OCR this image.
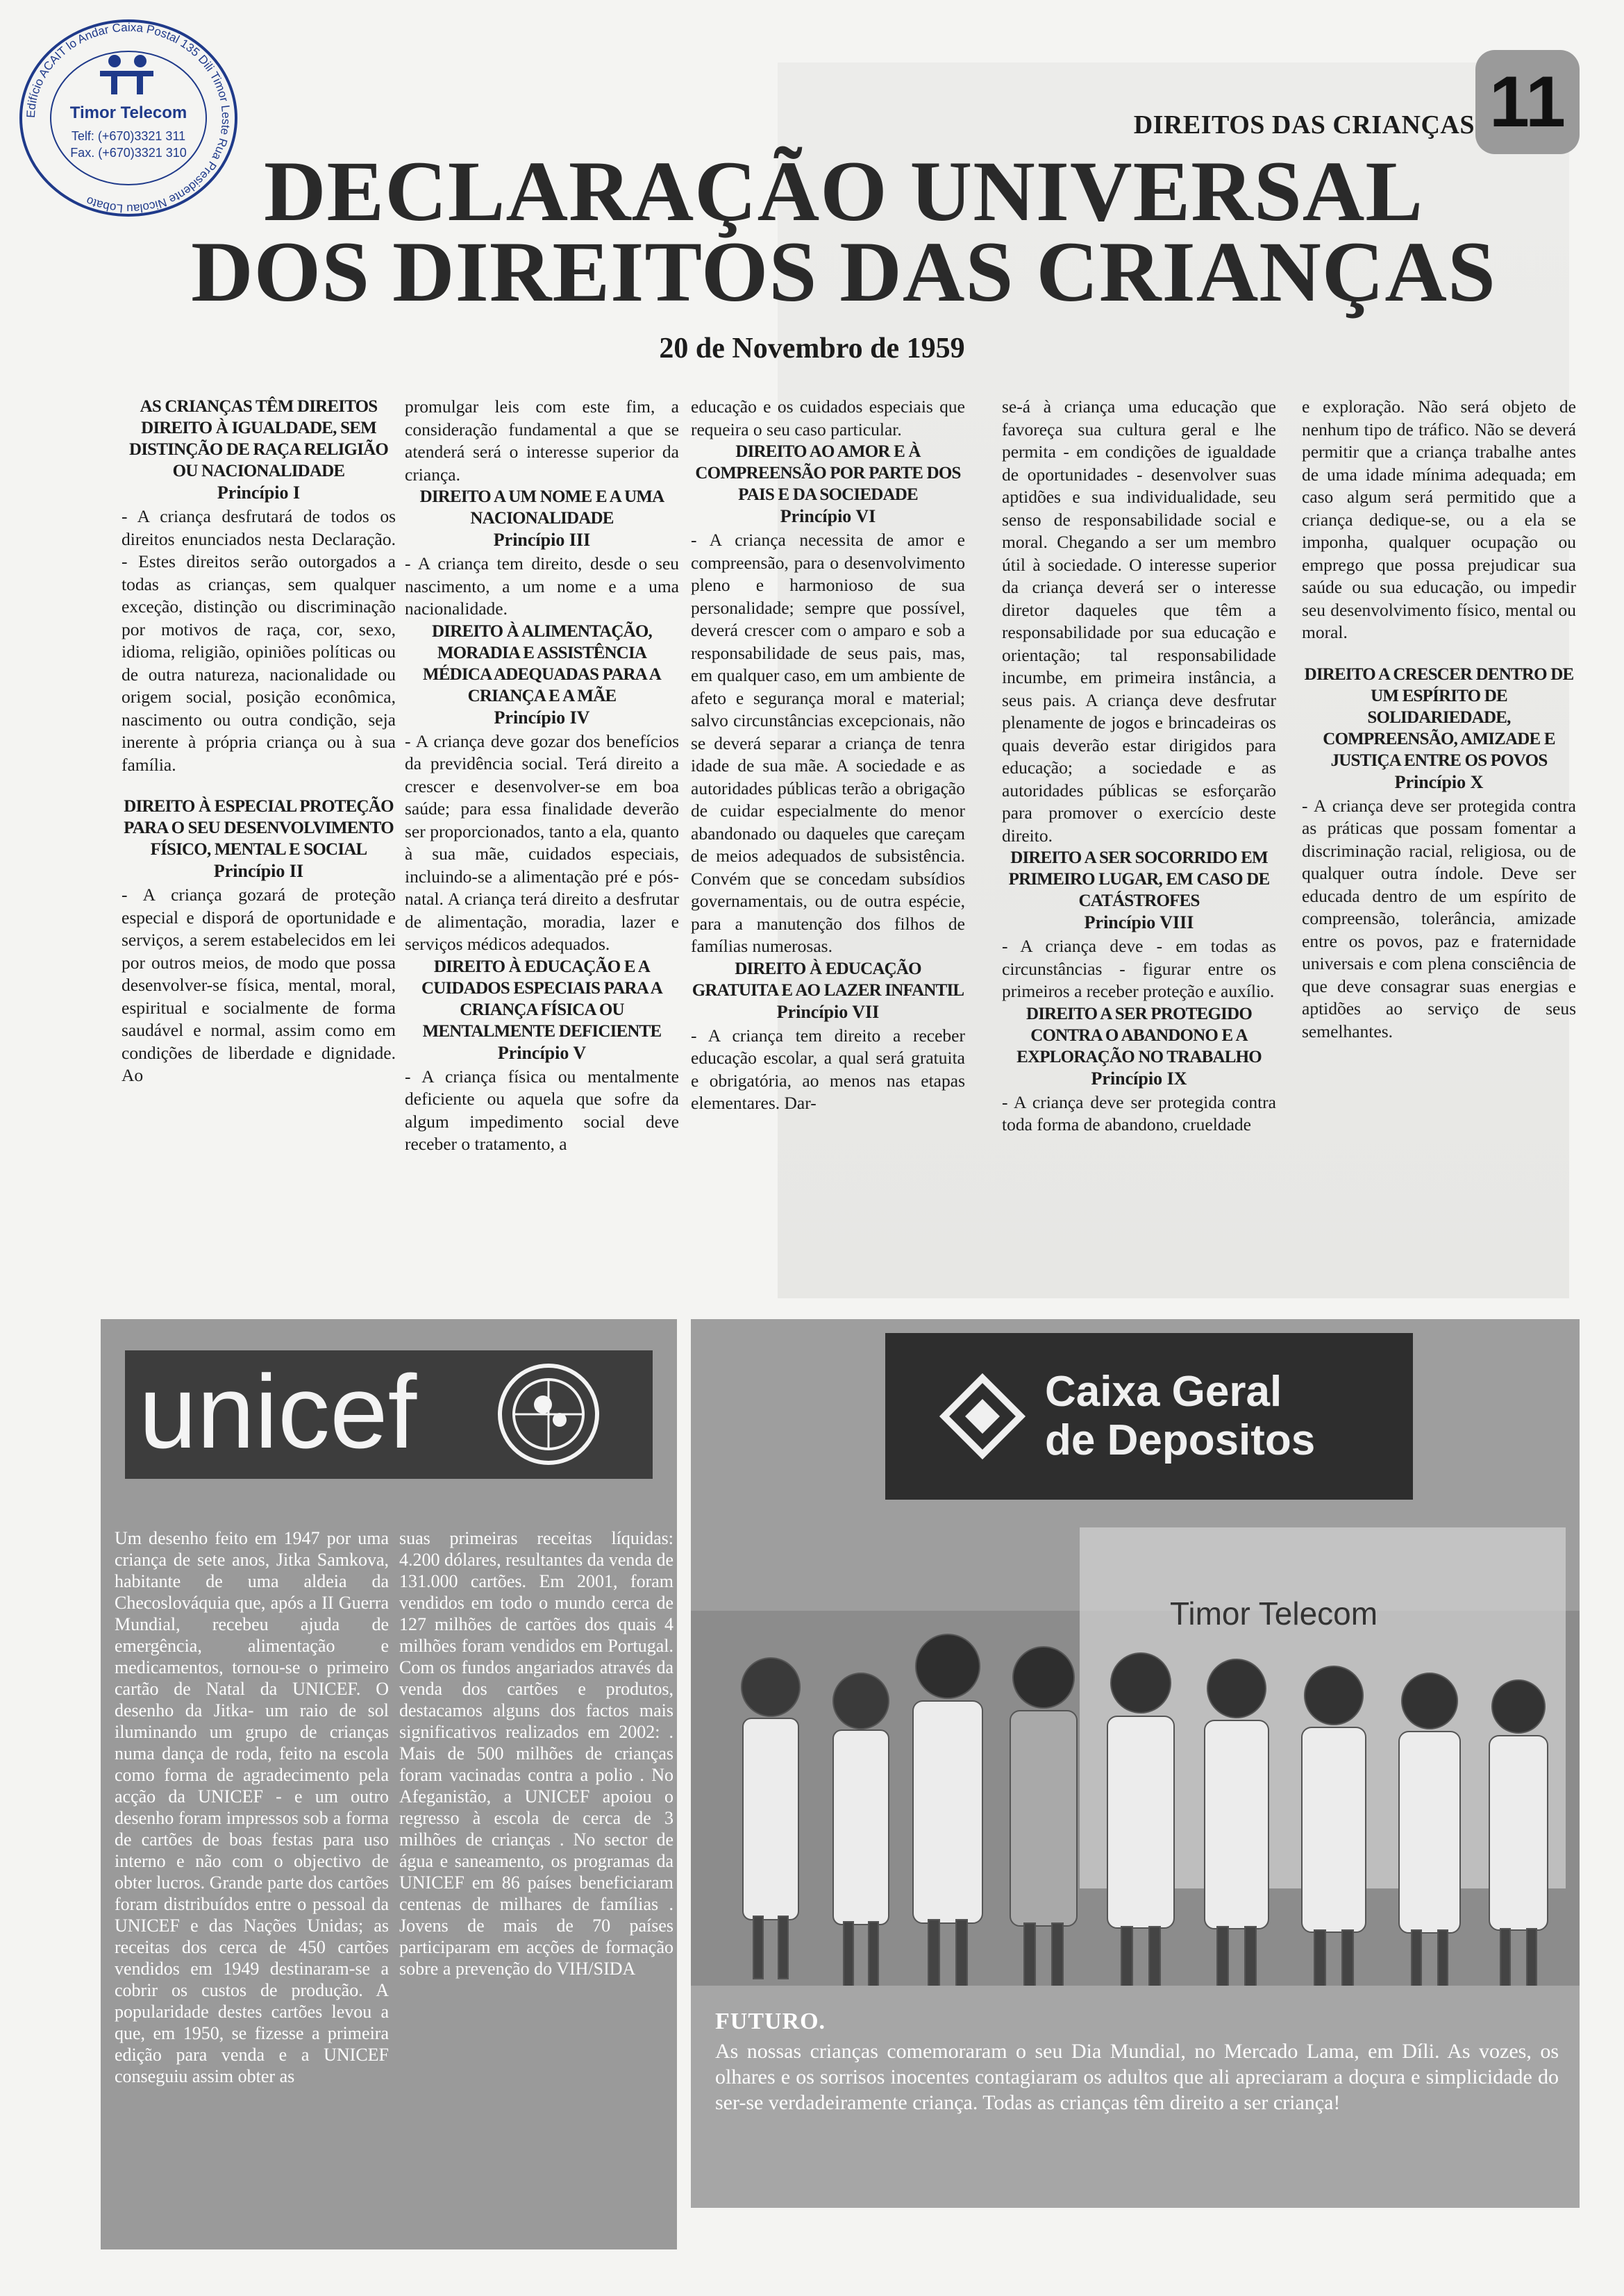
Edifício ACAIT lo Andar Caixa Postal 135 Dili Timor Leste Rua Presidente Nicolau Lobato
Timor Telecom
Telf: (+670)3321 311
Fax. (+670)3321 310
DIREITOS DAS CRIANÇAS 11
DECLARAÇÃO UNIVERSAL
DOS DIREITOS DAS CRIANÇAS
20 de Novembro de 1959
AS CRIANÇAS TÊM DIREITOS DIREITO À IGUALDADE, SEM DISTINÇÃO DE RAÇA RELIGIÃO OU NACIONALIDADE
Princípio I

- A criança desfrutará de todos os direitos enunciados nesta Declaração. - Estes direitos serão outorgados a todas as crianças, sem qualquer exceção, distinção ou discriminação por motivos de raça, cor, sexo, idioma, religião, opiniões políticas ou de outra natureza, nacionalidade ou origem social, posição econômica, nascimento ou outra condição, seja inerente à própria criança ou à sua família.

DIREITO À ESPECIAL PROTEÇÃO PARA O SEU DESENVOLVIMENTO FÍSICO, MENTAL E SOCIAL
Princípio II

- A criança gozará de proteção especial e disporá de oportunidade e serviços, a serem estabelecidos em lei por outros meios, de modo que possa desenvolver-se física, mental, moral, espiritual e socialmente de forma saudável e normal, assim como em condições de liberdade e dignidade. Ao

promulgar leis com este fim, a consideração fundamental a que se atenderá será o interesse superior da criança.

DIREITO A UM NOME E A UMA NACIONALIDADE
Princípio III

- A criança tem direito, desde o seu nascimento, a um nome e a uma nacionalidade.

DIREITO À ALIMENTAÇÃO, MORADIA E ASSISTÊNCIA MÉDICA ADEQUADAS PARA A CRIANÇA E A MÃE
Princípio IV

- A criança deve gozar dos benefícios da previdência social. Terá direito a crescer e desenvolver-se em boa saúde; para essa finalidade deverão ser proporcionados, tanto a ela, quanto à sua mãe, cuidados especiais, incluindo-se a alimentação pré e pós-natal. A criança terá direito a desfrutar de alimentação, moradia, lazer e serviços médicos adequados.

DIREITO À EDUCAÇÃO E A CUIDADOS ESPECIAIS PARA A CRIANÇA FÍSICA OU MENTALMENTE DEFICIENTE
Princípio V

- A criança física ou mentalmente deficiente ou aquela que sofre da algum impedimento social deve receber o tratamento, a

educação e os cuidados especiais que requeira o seu caso particular.

DIREITO AO AMOR E À COMPREENSÃO POR PARTE DOS PAIS E DA SOCIEDADE
Princípio VI

- A criança necessita de amor e compreensão, para o desenvolvimento pleno e harmonioso de sua personalidade; sempre que possível, deverá crescer com o amparo e sob a responsabilidade de seus pais, mas, em qualquer caso, em um ambiente de afeto e segurança moral e material; salvo circunstâncias excepcionais, não se deverá separar a criança de tenra idade de sua mãe. A sociedade e as autoridades públicas terão a obrigação de cuidar especialmente do menor abandonado ou daqueles que careçam de meios adequados de subsistência. Convém que se concedam subsídios governamentais, ou de outra espécie, para a manutenção dos filhos de famílias numerosas.

DIREITO À EDUCAÇÃO GRATUITA E AO LAZER INFANTIL
Princípio VII

- A criança tem direito a receber educação escolar, a qual será gratuita e obrigatória, ao menos nas etapas elementares. Dar-

se-á à criança uma educação que favoreça sua cultura geral e lhe permita - em condições de igualdade de oportunidades - desenvolver suas aptidões e sua individualidade, seu senso de responsabilidade social e moral. Chegando a ser um membro útil à sociedade. O interesse superior da criança deverá ser o interesse diretor daqueles que têm a responsabilidade por sua educação e orientação; tal responsabilidade incumbe, em primeira instância, a seus pais. A criança deve desfrutar plenamente de jogos e brincadeiras os quais deverão estar dirigidos para educação; a sociedade e as autoridades públicas se esforçarão para promover o exercício deste direito.

DIREITO A SER SOCORRIDO EM PRIMEIRO LUGAR, EM CASO DE CATÁSTROFES
Princípio VIII

- A criança deve - em todas as circunstâncias - figurar entre os primeiros a receber proteção e auxílio.

DIREITO A SER PROTEGIDO CONTRA O ABANDONO E A EXPLORAÇÃO NO TRABALHO
Princípio IX

- A criança deve ser protegida contra toda forma de abandono, crueldade

e exploração. Não será objeto de nenhum tipo de tráfico. Não se deverá permitir que a criança trabalhe antes de uma idade mínima adequada; em caso algum será permitido que a criança dedique-se, ou a ela se imponha, qualquer ocupação ou emprego que possa prejudicar sua saúde ou sua educação, ou impedir seu desenvolvimento físico, mental ou moral.

DIREITO A CRESCER DENTRO DE UM ESPÍRITO DE SOLIDARIEDADE, COMPREENSÃO, AMIZADE E JUSTIÇA ENTRE OS POVOS
Princípio X

- A criança deve ser protegida contra as práticas que possam fomentar a discriminação racial, religiosa, ou de qualquer outra índole. Deve ser educada dentro de um espírito de compreensão, tolerância, amizade entre os povos, paz e fraternidade universais e com plena consciência de que deve consagrar suas energias e aptidões ao serviço de seus semelhantes.

unicef

Um desenho feito em 1947 por uma criança de sete anos, Jitka Samkova, habitante de uma aldeia da Checoslováquia que, após a II Guerra Mundial, recebeu ajuda de emergência, alimentação e medicamentos, tornou-se o primeiro cartão de Natal da UNICEF. O desenho da Jitka- um raio de sol iluminando um grupo de crianças numa dança de roda, feito na escola como forma de agradecimento pela acção da UNICEF - e um outro desenho foram impressos sob a forma de cartões de boas festas para uso interno e não com o objectivo de obter lucros. Grande parte dos cartões foram distribuídos entre o pessoal da UNICEF e das Nações Unidas; as receitas dos cerca de 450 cartões vendidos em 1949 destinaram-se a cobrir os custos de produção. A popularidade destes cartões levou a que, em 1950, se fizesse a primeira edição para venda e a UNICEF conseguiu assim obter as

suas primeiras receitas líquidas: 4.200 dólares, resultantes da venda de 131.000 cartões. Em 2001, foram vendidos em todo o mundo cerca de 127 milhões de cartões dos quais 4 milhões foram vendidos em Portugal. Com os fundos angariados através da venda dos cartões e produtos, destacamos alguns dos factos mais significativos realizados em 2002: . Mais de 500 milhões de crianças foram vacinadas contra a polio . No Afeganistão, a UNICEF apoiou o regresso à escola de cerca de 3 milhões de crianças . No sector de água e saneamento, os programas da UNICEF em 86 países beneficiaram centenas de milhares de famílias . Jovens de mais de 70 países participaram em acções de formação sobre a prevenção do VIH/SIDA

Caixa Geral
de Depositos
Timor Telecom
FUTURO.

As nossas crianças comemoraram o seu Dia Mundial, no Mercado Lama, em Díli. As vozes, os olhares e os sorrisos inocentes contagiaram os adultos que ali apreciaram a doçura e simplicidade do ser-se verdadeiramente criança. Todas as crianças têm direito a ser criança!
